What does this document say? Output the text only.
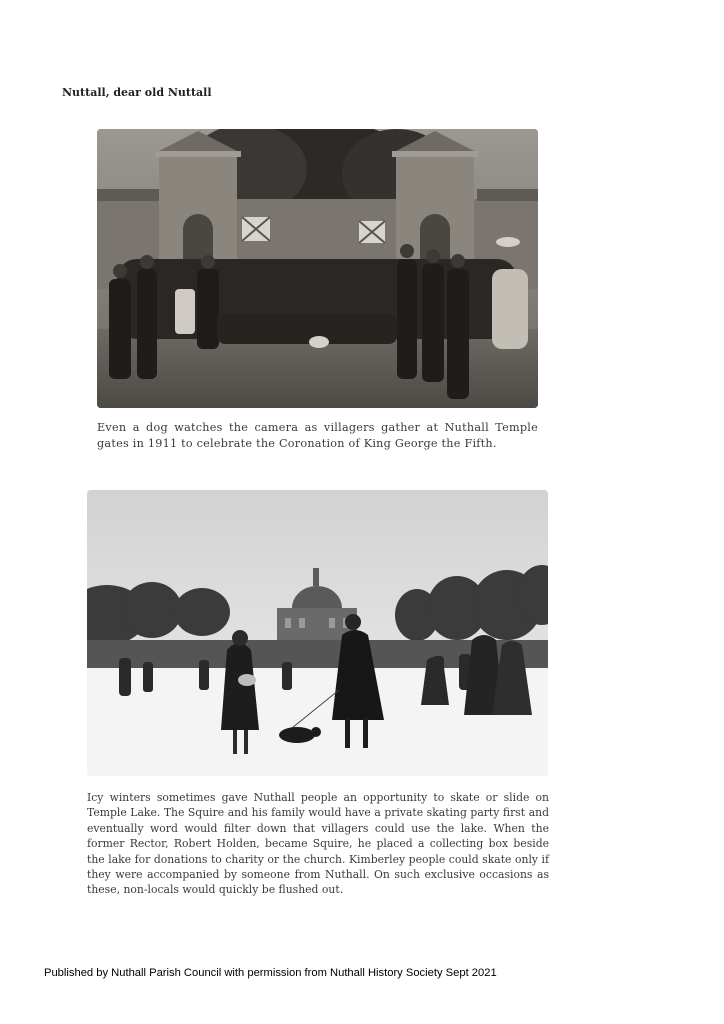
Nuttall, dear old Nuttall
Even a dog watches the camera as villagers gather at Nuthall Temple gates in 1911 to celebrate the Coronation of King George the Fifth.
Icy winters sometimes gave Nuthall people an opportunity to skate or slide on Temple Lake. The Squire and his family would have a private skating party first and eventually word would filter down that villagers could use the lake. When the former Rector, Robert Holden, became Squire, he placed a collecting box beside the lake for donations to charity or the church. Kimberley people could skate only if they were accompanied by someone from Nuthall. On such exclusive occasions as these, non-locals would quickly be flushed out.
Published by Nuthall Parish Council with permission from Nuthall History Society Sept 2021
